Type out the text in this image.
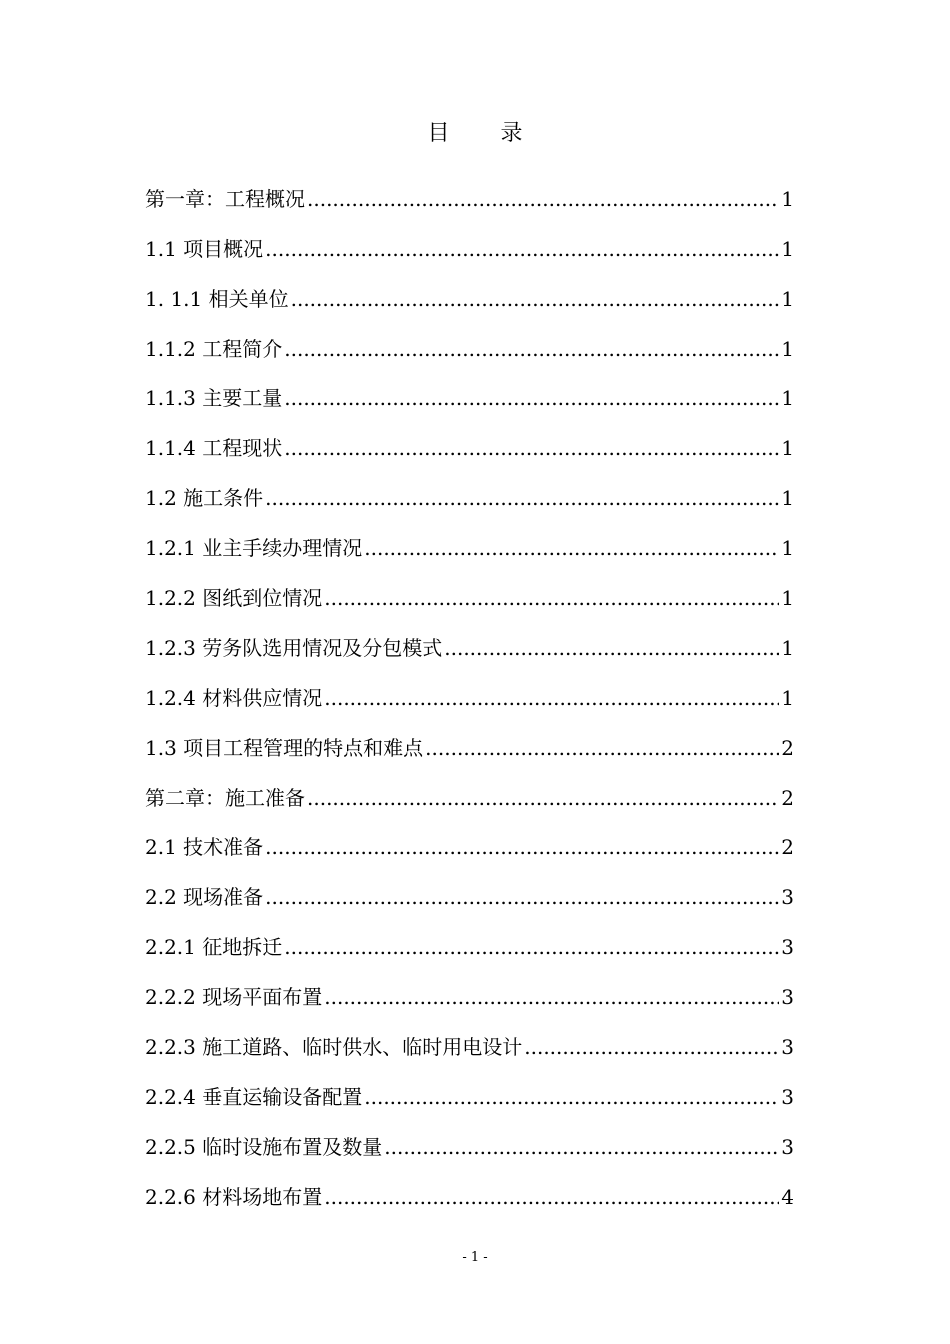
目 录
第一章：工程概况 .....	1
1.1 项目概况 .....	1
1. 1.1 相关单位 .....	1
1.1.2 工程简介 .....	1
1.1.3 主要工量 .....	1
1.1.4 工程现状 .....	1
1.2 施工条件 .....	1
1.2.1 业主手续办理情况 .....	1
1.2.2 图纸到位情况 .....	1
1.2.3 劳务队选用情况及分包模式 .....	1
1.2.4 材料供应情况 .....	1
1.3 项目工程管理的特点和难点 .....	2
第二章：施工准备 .....	2
2.1 技术准备 .....	2
2.2 现场准备 .....	3
2.2.1 征地拆迁 .....	3
2.2.2 现场平面布置 .....	3
2.2.3 施工道路、临时供水、临时用电设计 .....	3
2.2.4 垂直运输设备配置 .....	3
2.2.5 临时设施布置及数量 .....	3
2.2.6 材料场地布置 .....	4
- 1 -
